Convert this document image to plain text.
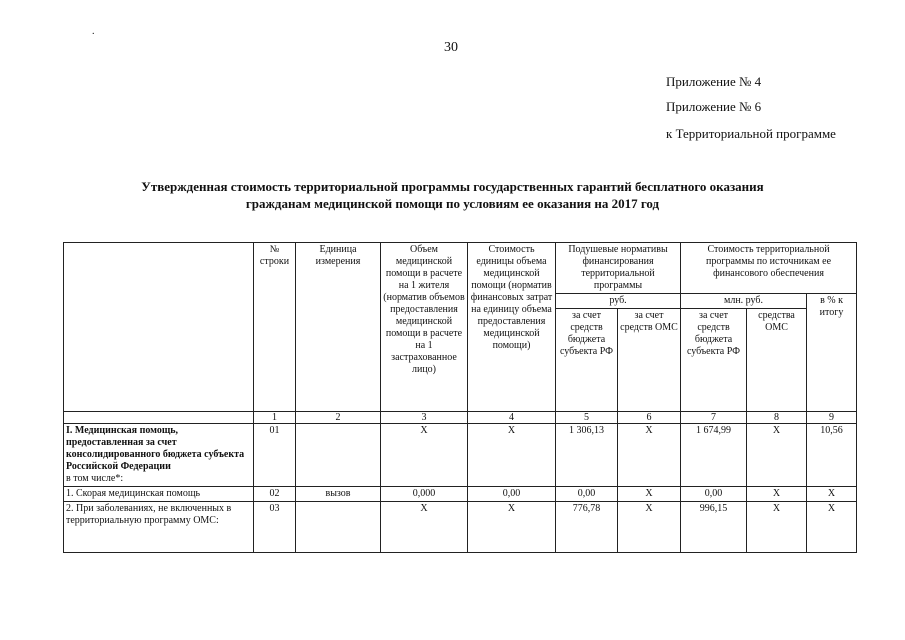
.
30
Приложение № 4
Приложение № 6
к Территориальной программе
Утвержденная стоимость территориальной программы государственных гарантий бесплатного оказания
гражданам медицинской помощи по условиям ее оказания на 2017 год
	№ строки	Единица измерения	Объем медицинской помощи в расчете на 1 жителя (норматив объемов предоставления медицинской помощи в расчете на 1 застрахованное лицо)	Стоимость единицы объема медицинской помощи (норматив финансовых затрат на единицу объема предоставления медицинской помощи)	Подушевые нормативы финансирования территориальной программы		Стоимость территориальной программы по источникам ее финансового обеспечения		
					руб.		млн. руб.		в % к итогу
					за счет средств бюджета субъекта РФ	за счет средств ОМС	за счет средств бюджета субъекта РФ	средства ОМС	
	1	2	3	4	5	6	7	8	9
I. Медицинская помощь, предоставленная за счет консолидированного бюджета субъекта Российской Федерации
в том числе*:	01		X	X	1 306,13	X	1 674,99	X	10,56
1. Скорая медицинская помощь	02	вызов	0,000	0,00	0,00	X	0,00	X	X
2. При заболеваниях, не включенных в территориальную программу ОМС:	03		X	X	776,78	X	996,15	X	X
